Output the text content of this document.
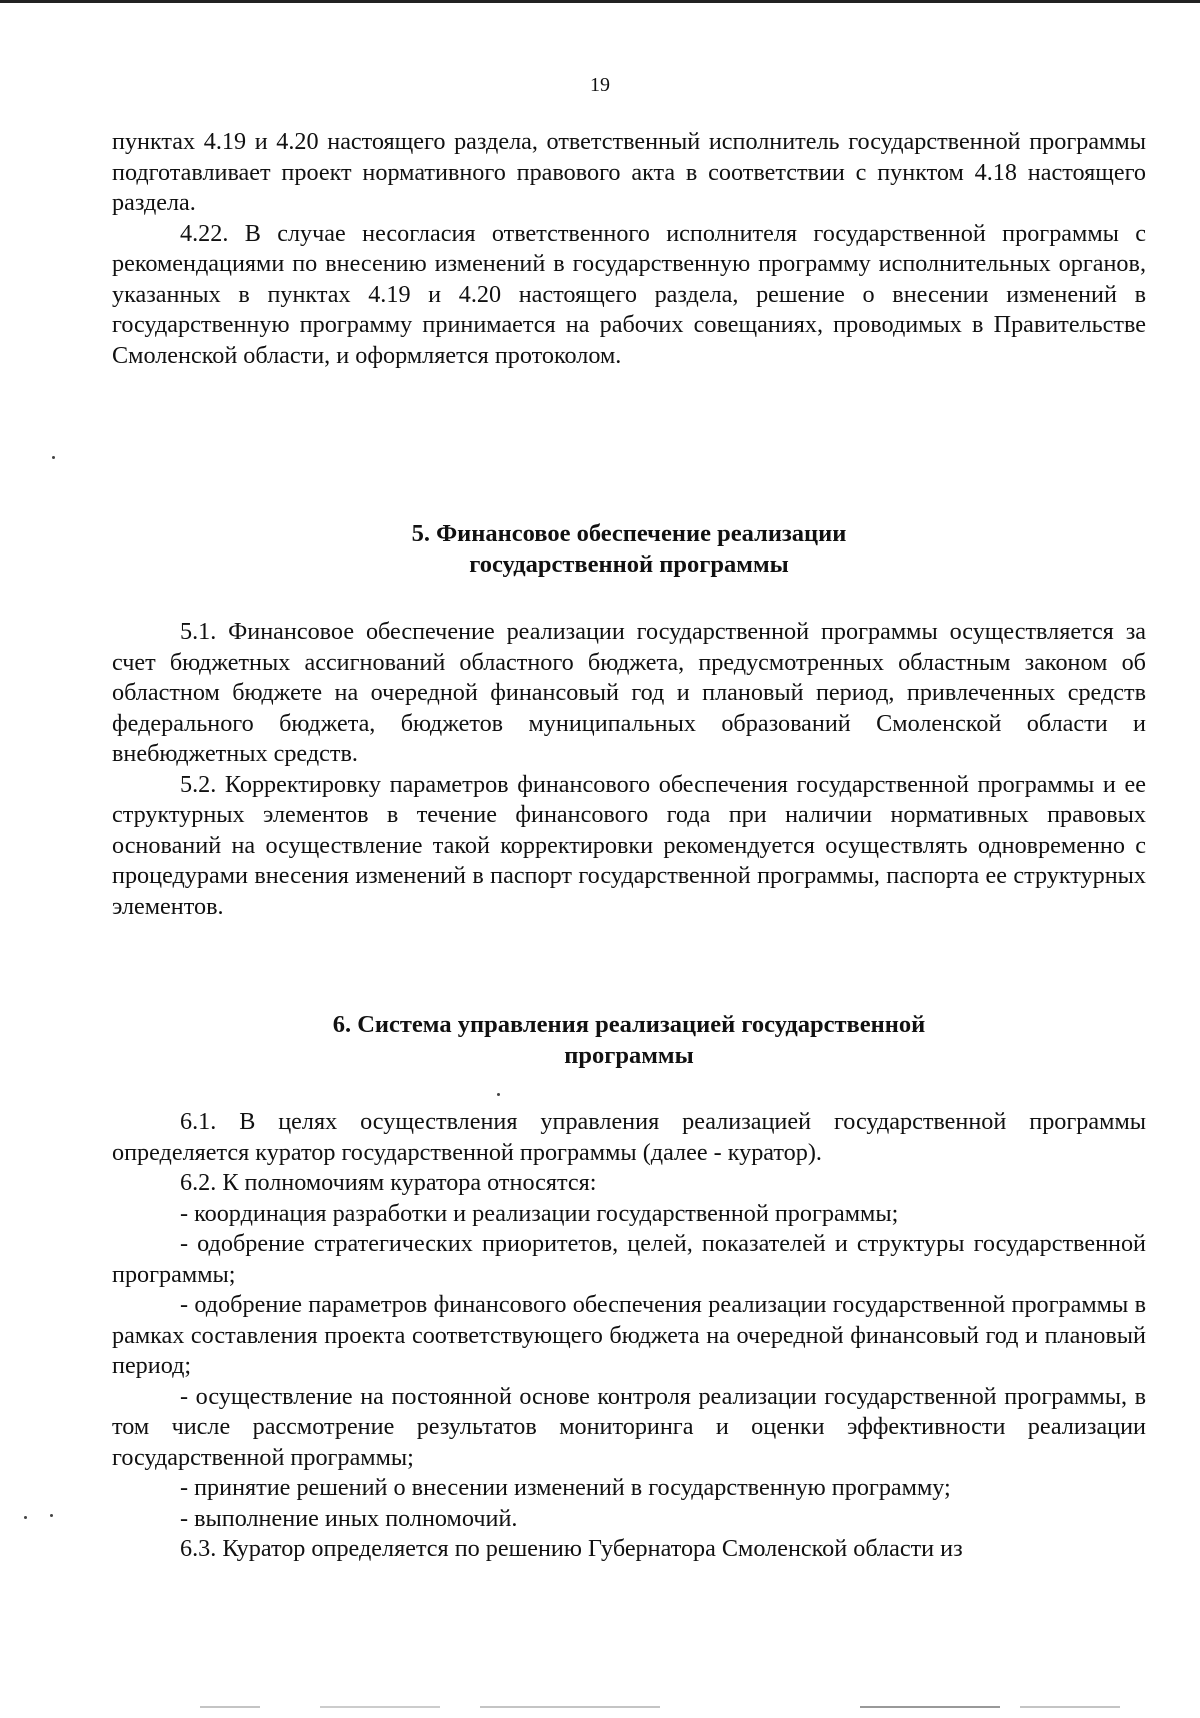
19

пунктах 4.19 и 4.20 настоящего раздела, ответственный исполнитель государственной программы подготавливает проект нормативного правового акта в соответствии с пунктом 4.18 настоящего раздела.

4.22. В случае несогласия ответственного исполнителя государственной программы с рекомендациями по внесению изменений в государственную программу исполнительных органов, указанных в пунктах 4.19 и 4.20 настоящего раздела, решение о внесении изменений в государственную программу принимается на рабочих совещаниях, проводимых в Правительстве Смоленской области, и оформляется протоколом.

5. Финансовое обеспечение реализации
государственной программы

5.1. Финансовое обеспечение реализации государственной программы осуществляется за счет бюджетных ассигнований областного бюджета, предусмотренных областным законом об областном бюджете на очередной финансовый год и плановый период, привлеченных средств федерального бюджета, бюджетов муниципальных образований Смоленской области и внебюджетных средств.

5.2. Корректировку параметров финансового обеспечения государственной программы и ее структурных элементов в течение финансового года при наличии нормативных правовых оснований на осуществление такой корректировки рекомендуется осуществлять одновременно с процедурами внесения изменений в паспорт государственной программы, паспорта ее структурных элементов.

6. Система управления реализацией государственной
программы

6.1. В целях осуществления управления реализацией государственной программы определяется куратор государственной программы (далее - куратор).

6.2. К полномочиям куратора относятся:

- координация разработки и реализации государственной программы;

- одобрение стратегических приоритетов, целей, показателей и структуры государственной программы;

- одобрение параметров финансового обеспечения реализации государственной программы в рамках составления проекта соответствующего бюджета на очередной финансовый год и плановый период;

- осуществление на постоянной основе контроля реализации государственной программы, в том числе рассмотрение результатов мониторинга и оценки эффективности реализации государственной программы;

- принятие решений о внесении изменений в государственную программу;

- выполнение иных полномочий.

6.3. Куратор определяется по решению Губернатора Смоленской области из
